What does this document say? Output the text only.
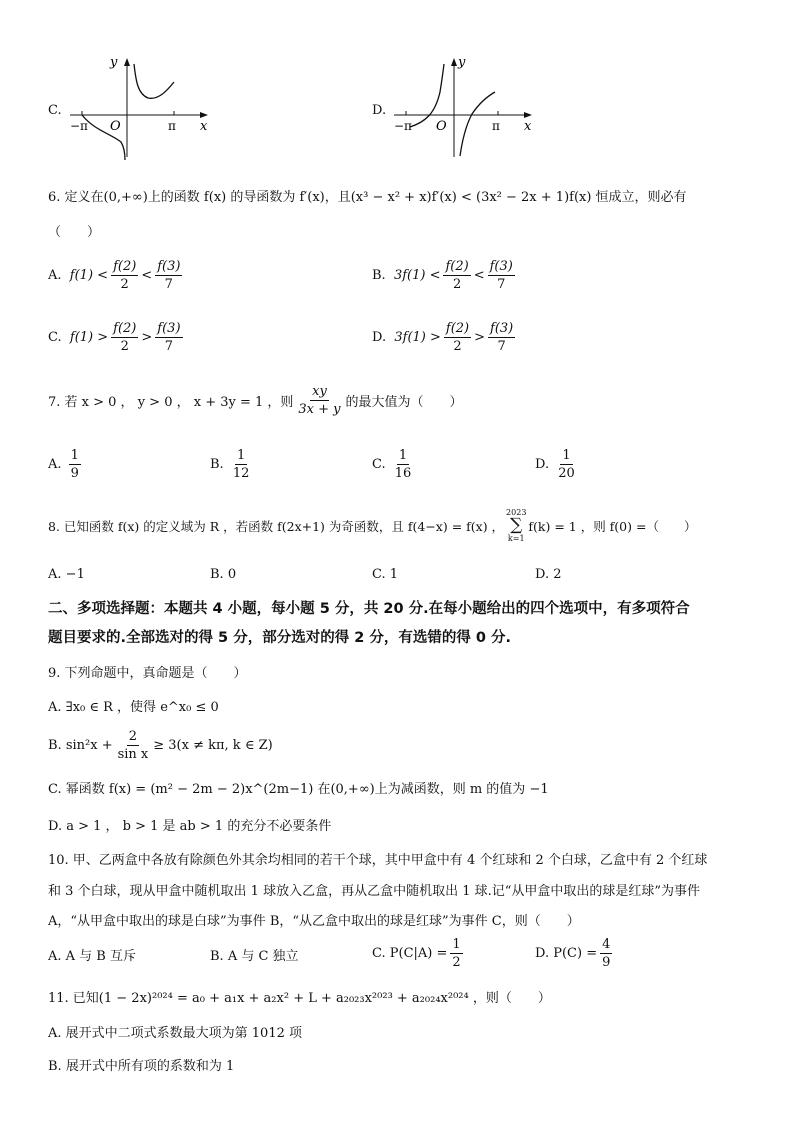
C.
y
−π O	π x
D.
y
−π O	π x
6. 定义在(0,+∞)上的函数 f(x) 的导函数为 f′(x)，且(x³ − x² + x)f′(x) < (3x² − 2x + 1)f(x) 恒成立，则必有
（　　）
A.
$f(1) < \frac{f(2)}{2} < \frac{f(3)}{7}$	B.
$3f(1) < \frac{f(2)}{2} < \frac{f(3)}{7}$
C.
$f(1) > \frac{f(2)}{2} > \frac{f(3)}{7}$	D.
$3f(1) > \frac{f(2)}{2} > \frac{f(3)}{7}$
7. 若 x > 0 ， y > 0 ， x + 3y = 1 ，则 $\frac{xy}{3x + y}$ 的最大值为（　　）
A.
$\frac{1}{9}$	B.
$\frac{1}{12}$	C.
$\frac{1}{16}$	D.
$\frac{1}{20}$
8. 已知函数 f(x) 的定义域为 R ，若函数 f(2x+1) 为奇函数，且 f(4−x) = f(x) ，
2023
∑
k=1
f(k) = 1 ，则 f(0) =（　　）
A. −1	B. 0	C. 1	D. 2
二、多项选择题：本题共 4 小题，每小题 5 分，共 20 分.在每小题给出的四个选项中，有多项符合
题目要求的.全部选对的得 5 分，部分选对的得 2 分，有选错的得 0 分.
9. 下列命题中，真命题是（　　）
A. ∃x₀ ∈ R ，使得 e^x₀ ≤ 0
B. $\sin^2x + \frac{2}{\text{sin x}} \ge 3(x \ne k\pi$, k ∈ Z)
C. 幂函数 f(x) = (m² − 2m − 2)x^(2m−1) 在(0,+∞)上为减函数，则 m 的值为 −1
D. a > 1 ， b > 1 是 ab > 1 的充分不必要条件
10. 甲、乙两盒中各放有除颜色外其余均相同的若干个球，其中甲盒中有 4 个红球和 2 个白球，乙盒中有 2 个红球
和 3 个白球，现从甲盒中随机取出 1 球放入乙盒，再从乙盒中随机取出 1 球.记“从甲盒中取出的球是红球”为事件
A，“从甲盒中取出的球是白球”为事件 B，“从乙盒中取出的球是红球”为事件 C，则（　　）
A. A 与 B 互斥	B. A 与 C 独立	C. $P(C|A) = \frac{1}{2}$	D. $P(C) = \frac{4}{9}$
11. 已知(1 − 2x)²⁰²⁴ = a₀ + a₁x + a₂x² + L + a₂₀₂₃x²⁰²³ + a₂₀₂₄x²⁰²⁴ ，则（　　）
A. 展开式中二项式系数最大项为第 1012 项
B. 展开式中所有项的系数和为 1
